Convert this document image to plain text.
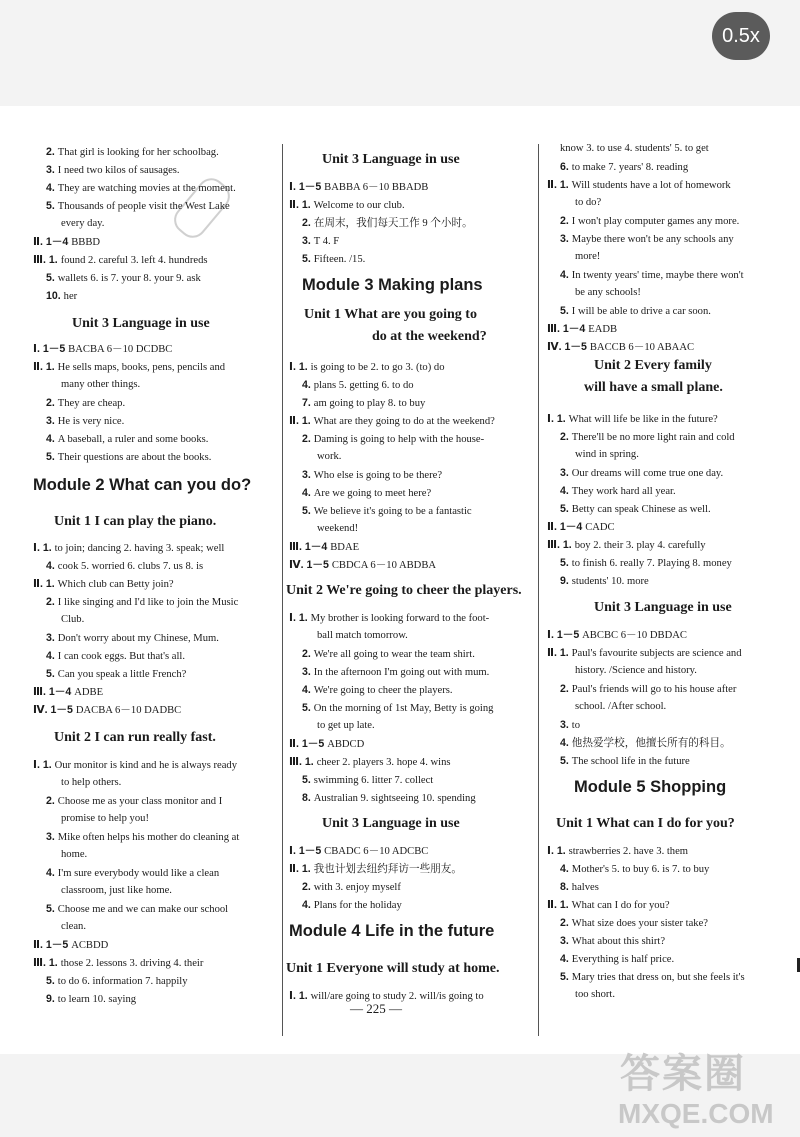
0.5x
2. That girl is looking for her schoolbag.
3. I need two kilos of sausages.
4. They are watching movies at the moment.
5. Thousands of people visit the West Lake
every day.
Ⅱ. 1－4 BBBD
Ⅲ. 1. found 2. careful 3. left 4. hundreds
5. wallets 6. is 7. your 8. your 9. ask
10. her
Unit 3 Language in use
Ⅰ. 1－5 BACBA 6－10 DCDBC
Ⅱ. 1. He sells maps, books, pens, pencils and
many other things.
2. They are cheap.
3. He is very nice.
4. A baseball, a ruler and some books.
5. Their questions are about the books.
Module 2 What can you do?
Unit 1 I can play the piano.
Ⅰ. 1. to join; dancing 2. having 3. speak; well
4. cook 5. worried 6. clubs 7. us 8. is
Ⅱ. 1. Which club can Betty join?
2. I like singing and I'd like to join the Music
Club.
3. Don't worry about my Chinese, Mum.
4. I can cook eggs. But that's all.
5. Can you speak a little French?
Ⅲ. 1－4 ADBE
Ⅳ. 1－5 DACBA 6－10 DADBC
Unit 2 I can run really fast.
Ⅰ. 1. Our monitor is kind and he is always ready
to help others.
2. Choose me as your class monitor and I
promise to help you!
3. Mike often helps his mother do cleaning at
home.
4. I'm sure everybody would like a clean
classroom, just like home.
5. Choose me and we can make our school
clean.
Ⅱ. 1－5 ACBDD
Ⅲ. 1. those 2. lessons 3. driving 4. their
5. to do 6. information 7. happily
9. to learn 10. saying
Unit 3 Language in use
Ⅰ. 1－5 BABBA 6－10 BBADB
Ⅱ. 1. Welcome to our club.
2. 在周末，我们每天工作 9 个小时。
3. T 4. F
5. Fifteen. /15.
Module 3 Making plans
Unit 1 What are you going to
do at the weekend?
Ⅰ. 1. is going to be 2. to go 3. (to) do
4. plans 5. getting 6. to do
7. am going to play 8. to buy
Ⅱ. 1. What are they going to do at the weekend?
2. Daming is going to help with the house-
work.
3. Who else is going to be there?
4. Are we going to meet here?
5. We believe it's going to be a fantastic
weekend!
Ⅲ. 1－4 BDAE
Ⅳ. 1－5 CBDCA 6－10 ABDBA
Unit 2 We're going to cheer the players.
Ⅰ. 1. My brother is looking forward to the foot-
ball match tomorrow.
2. We're all going to wear the team shirt.
3. In the afternoon I'm going out with mum.
4. We're going to cheer the players.
5. On the morning of 1st May, Betty is going
to get up late.
Ⅱ. 1－5 ABDCD
Ⅲ. 1. cheer 2. players 3. hope 4. wins
5. swimming 6. litter 7. collect
8. Australian 9. sightseeing 10. spending
Unit 3 Language in use
Ⅰ. 1－5 CBADC 6－10 ADCBC
Ⅱ. 1. 我也计划去纽约拜访一些朋友。
2. with 3. enjoy myself
4. Plans for the holiday
Module 4 Life in the future
Unit 1 Everyone will study at home.
Ⅰ. 1. will/are going to study 2. will/is going to
know 3. to use 4. students' 5. to get
6. to make 7. years' 8. reading
Ⅱ. 1. Will students have a lot of homework
to do?
2. I won't play computer games any more.
3. Maybe there won't be any schools any
more!
4. In twenty years' time, maybe there won't
be any schools!
5. I will be able to drive a car soon.
Ⅲ. 1－4 EADB
Ⅳ. 1－5 BACCB 6－10 ABAAC
Unit 2 Every family
will have a small plane.
Ⅰ. 1. What will life be like in the future?
2. There'll be no more light rain and cold
wind in spring.
3. Our dreams will come true one day.
4. They work hard all year.
5. Betty can speak Chinese as well.
Ⅱ. 1－4 CADC
Ⅲ. 1. boy 2. their 3. play 4. carefully
5. to finish 6. really 7. Playing 8. money
9. students' 10. more
Unit 3 Language in use
Ⅰ. 1－5 ABCBC 6－10 DBDAC
Ⅱ. 1. Paul's favourite subjects are science and
history. /Science and history.
2. Paul's friends will go to his house after
school. /After school.
3. to
4. 他热爱学校，他擅长所有的科目。
5. The school life in the future
Module 5 Shopping
Unit 1 What can I do for you?
Ⅰ. 1. strawberries 2. have 3. them
4. Mother's 5. to buy 6. is 7. to buy
8. halves
Ⅱ. 1. What can I do for you?
2. What size does your sister take?
3. What about this shirt?
4. Everything is half price.
5. Mary tries that dress on, but she feels it's
too short.
— 225 —
答案圈
MXQE.COM
